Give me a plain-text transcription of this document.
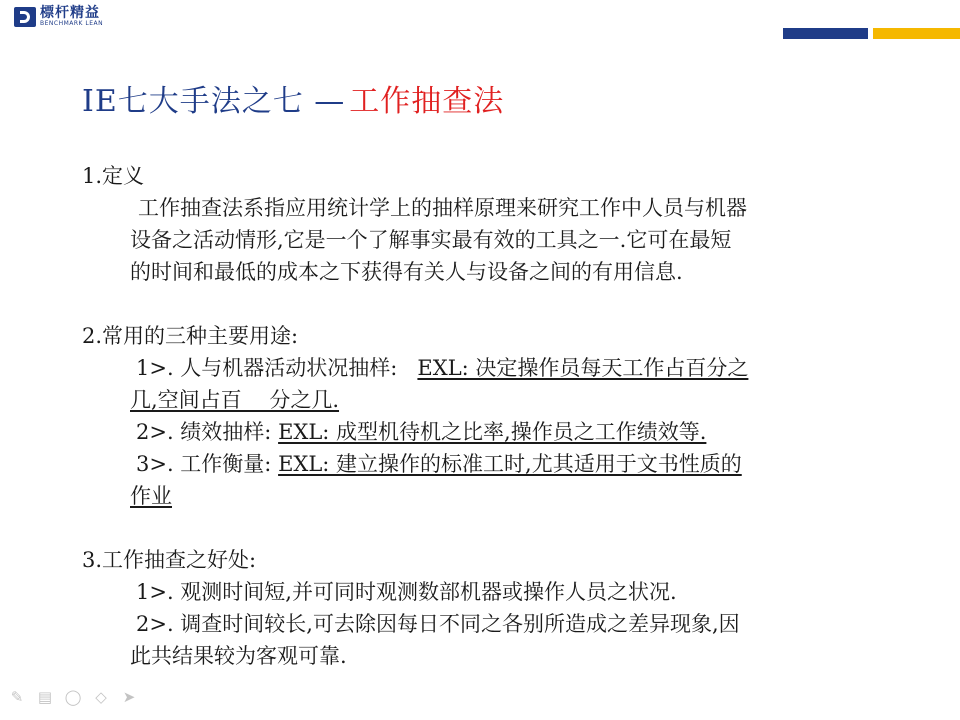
標杆精益
BENCHMARK LEAN
IE七大手法之七 — 工作抽查法

1.定义

工作抽查法系指应用统计学上的抽样原理来研究工作中人员与机器

设备之活动情形,它是一个了解事实最有效的工具之一.它可在最短

的时间和最低的成本之下获得有关人与设备之间的有用信息.

2.常用的三种主要用途:

1>. 人与机器活动状况抽样: EXL: 决定操作员每天工作占百分之

几,空间占百　 分之几.

2>. 绩效抽样: EXL: 成型机待机之比率,操作员之工作绩效等.

3>. 工作衡量: EXL: 建立操作的标准工时,尤其适用于文书性质的

作业

3.工作抽查之好处:

1>. 观测时间短,并可同时观测数部机器或操作人员之状况.

2>. 调查时间较长,可去除因每日不同之各别所造成之差异现象,因

此共结果较为客观可靠.

✎ ▤ ◯ ◇ ➤
